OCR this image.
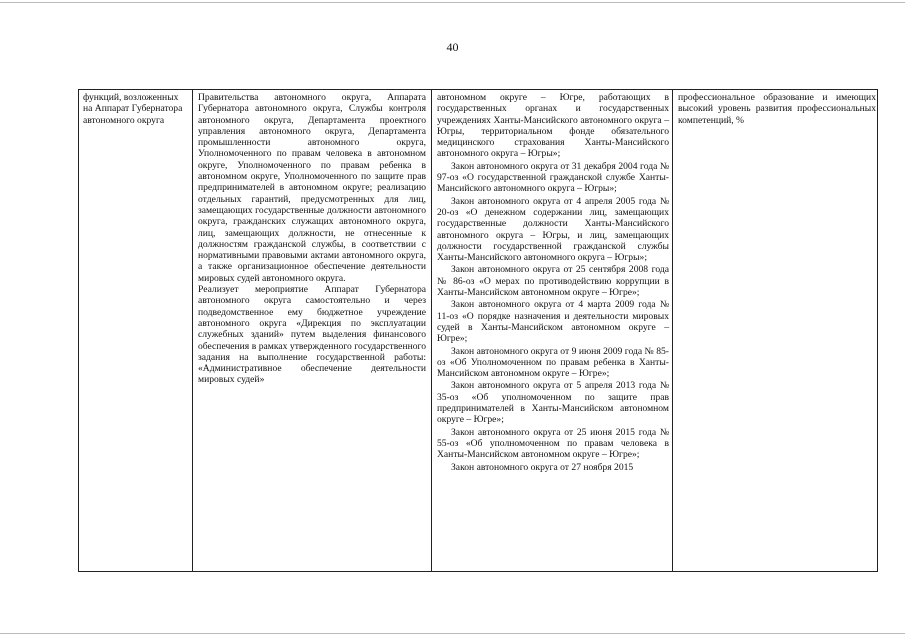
40

функций, возложенных на Аппарат Губернатора автономного округа

Правительства автономного округа, Аппарата Губернатора автономного округа, Службы контроля автономного округа, Департамента проектного управления автономного округа, Департамента промышленности автономного округа, Уполномоченного по правам человека в автономном округе, Уполномоченного по правам ребенка в автономном округе, Уполномоченного по защите прав предпринимателей в автономном округе; реализацию отдельных гарантий, предусмотренных для лиц, замещающих государственные должности автономного округа, гражданских служащих автономного округа, лиц, замещающих должности, не отнесенные к должностям гражданской службы, в соответствии с нормативными правовыми актами автономного округа, а также организационное обеспечение деятельности мировых судей автономного округа.

Реализует мероприятие Аппарат Губернатора автономного округа самостоятельно и через подведомственное ему бюджетное учреждение автономного округа «Дирекция по эксплуатации служебных зданий» путем выделения финансового обеспечения в рамках утвержденного государственного задания на выполнение государственной работы: «Административное обеспечение деятельности мировых судей»

автономном округе – Югре, работающих в государственных органах и государственных учреждениях Ханты-Мансийского автономного округа – Югры, территориальном фонде обязательного медицинского страхования Ханты-Мансийского автономного округа – Югры»;

Закон автономного округа от 31 декабря 2004 года № 97-оз «О государственной гражданской службе Ханты-Мансийского автономного округа – Югры»;

Закон автономного округа от 4 апреля 2005 года № 20-оз «О денежном содержании лиц, замещающих государственные должности Ханты-Мансийского автономного округа – Югры, и лиц, замещающих должности государственной гражданской службы Ханты-Мансийского автономного округа – Югры»;

Закон автономного округа от 25 сентября 2008 года № 86-оз «О мерах по противодействию коррупции в Ханты-Мансийском автономном округе – Югре»;

Закон автономного округа от 4 марта 2009 года № 11-оз «О порядке назначения и деятельности мировых судей в Ханты-Мансийском автономном округе – Югре»;

Закон автономного округа от 9 июня 2009 года № 85-оз «Об Уполномоченном по правам ребенка в Ханты-Мансийском автономном округе – Югре»;

Закон автономного округа от 5 апреля 2013 года № 35-оз «Об уполномоченном по защите прав предпринимателей в Ханты-Мансийском автономном округе – Югре»;

Закон автономного округа от 25 июня 2015 года № 55-оз «Об уполномоченном по правам человека в Ханты-Мансийском автономном округе – Югре»;

Закон автономного округа от 27 ноября 2015

профессиональное образование и имеющих высокий уровень развития профессиональных компетенций, %
